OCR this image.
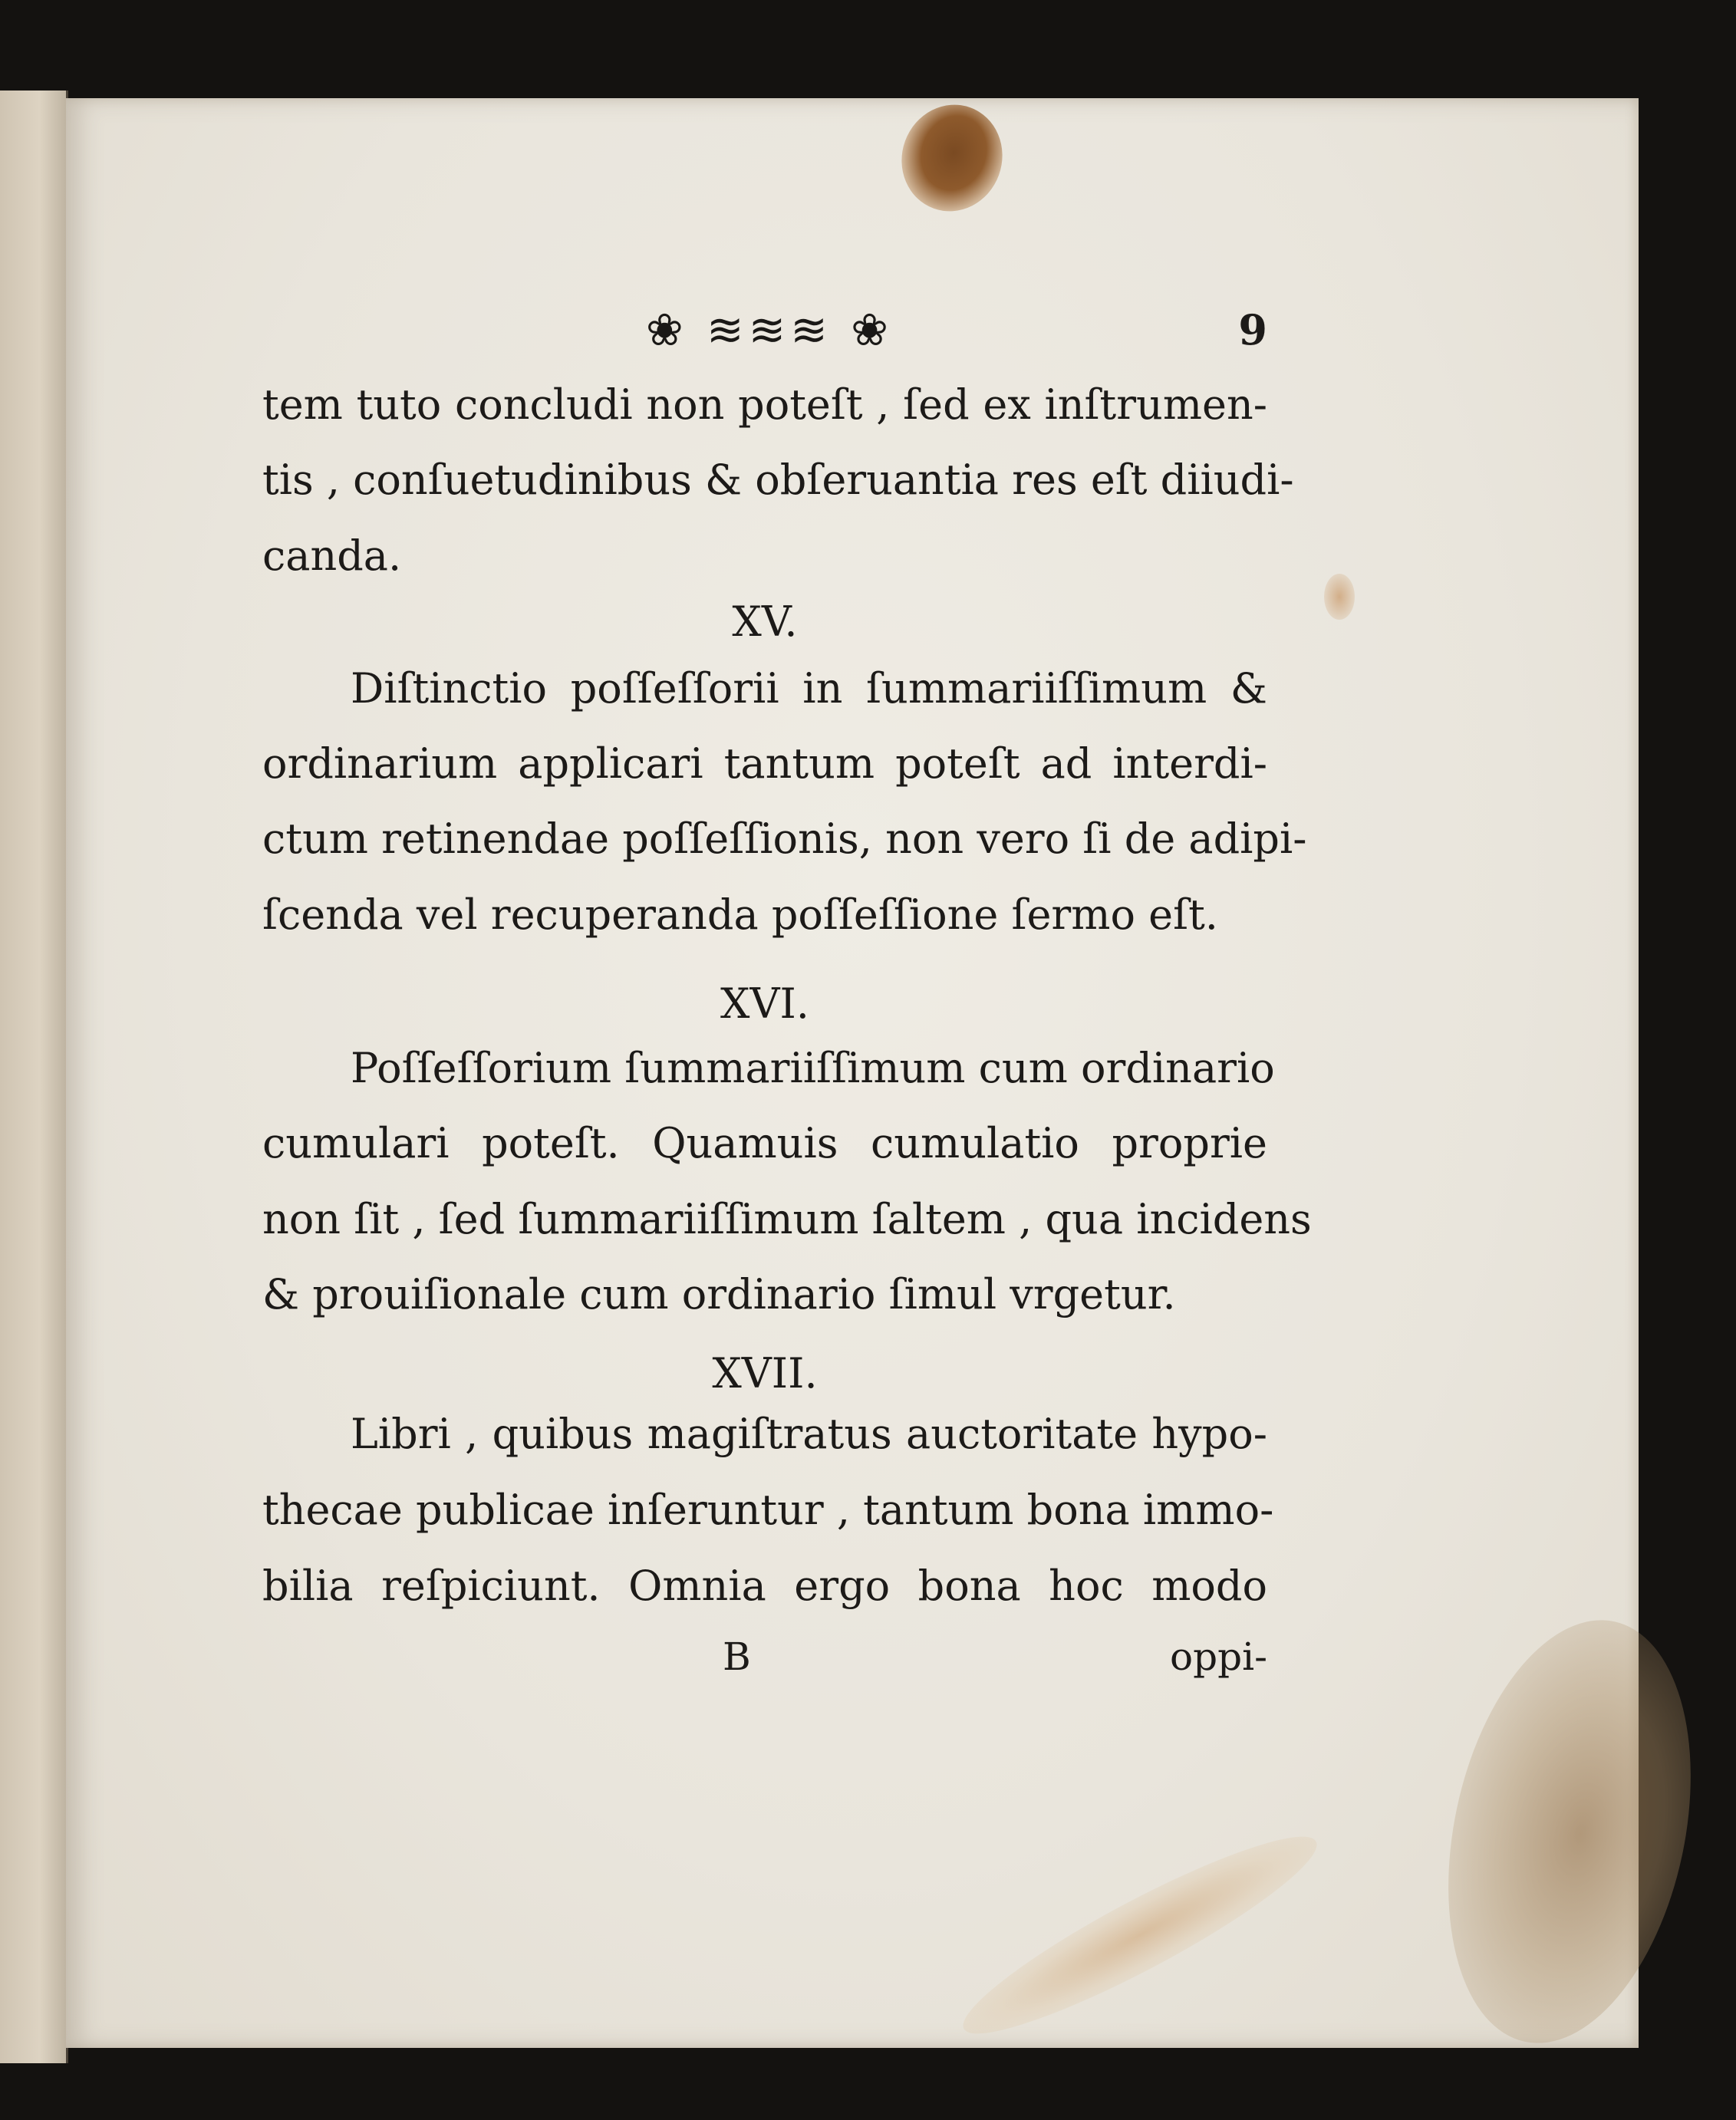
❀ ≋≋≋ ❀	9
tem tuto concludi non poteſt , ſed ex inſtrumen-
tis , conſuetudinibus & obſeruantia res eſt diiudi-
canda.
XV.
Diſtinctio poſſeſſorii in ſummariiſſimum &
ordinarium applicari tantum poteſt ad interdi-
ctum retinendae poſſeſſionis, non vero ſi de adipi-
ſcenda vel recuperanda poſſeſſione ſermo eſt.
XVI.
Poſſeſſorium ſummariiſſimum cum ordinario
cumulari poteſt. Quamuis cumulatio proprie
non ſit , ſed ſummariiſſimum ſaltem , qua incidens
& prouiſionale cum ordinario ſimul vrgetur.
XVII.
Libri , quibus magiſtratus auctoritate hypo-
thecae publicae inſeruntur , tantum bona immo-
bilia reſpiciunt. Omnia ergo bona hoc modo
B	oppi-
